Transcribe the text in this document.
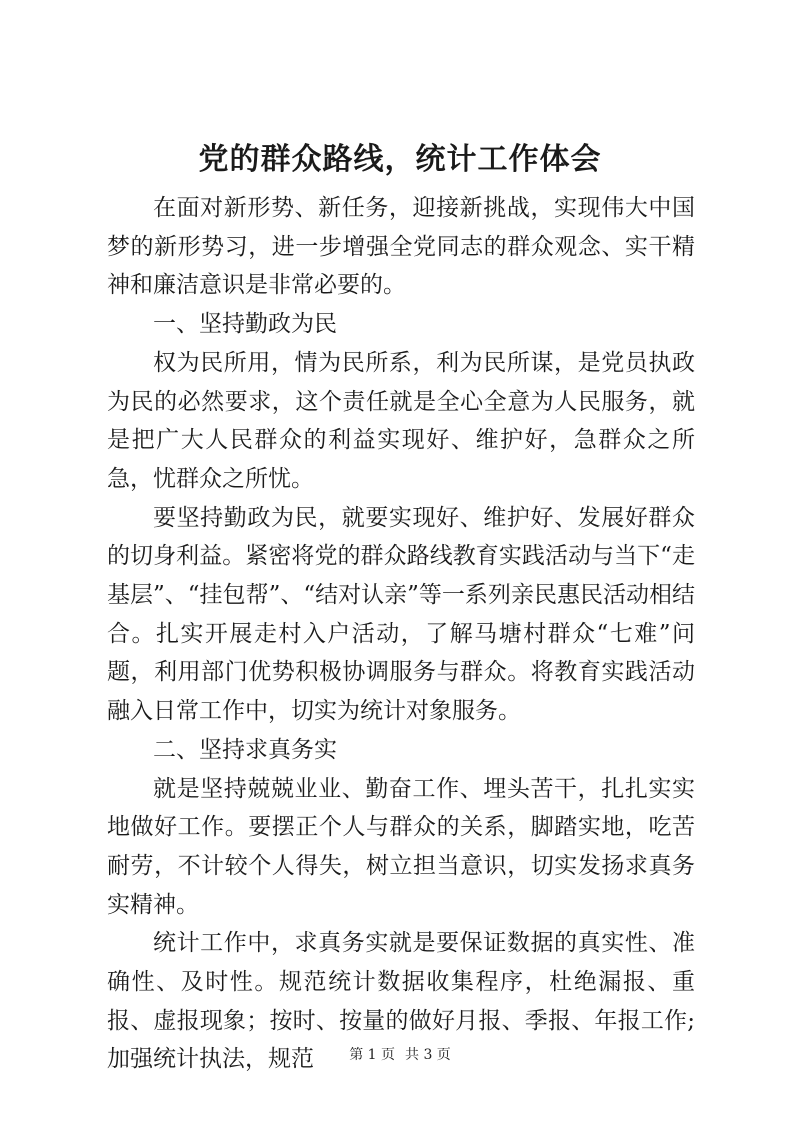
党的群众路线，统计工作体会

在面对新形势、新任务，迎接新挑战，实现伟大中国梦的新形势习，进一步增强全党同志的群众观念、实干精神和廉洁意识是非常必要的。

一、坚持勤政为民

权为民所用，情为民所系，利为民所谋，是党员执政为民的必然要求，这个责任就是全心全意为人民服务，就是把广大人民群众的利益实现好、维护好，急群众之所急，忧群众之所忧。

要坚持勤政为民，就要实现好、维护好、发展好群众的切身利益。紧密将党的群众路线教育实践活动与当下“走基层”、“挂包帮”、“结对认亲”等一系列亲民惠民活动相结合。扎实开展走村入户活动，了解马塘村群众“七难”问题，利用部门优势积极协调服务与群众。将教育实践活动融入日常工作中，切实为统计对象服务。

二、坚持求真务实

就是坚持兢兢业业、勤奋工作、埋头苦干，扎扎实实地做好工作。要摆正个人与群众的关系，脚踏实地，吃苦耐劳，不计较个人得失，树立担当意识，切实发扬求真务实精神。

统计工作中，求真务实就是要保证数据的真实性、准确性、及时性。规范统计数据收集程序，杜绝漏报、重报、虚报现象；按时、按量的做好月报、季报、年报工作;加强统计执法，规范	第 1 页 共 3 页
